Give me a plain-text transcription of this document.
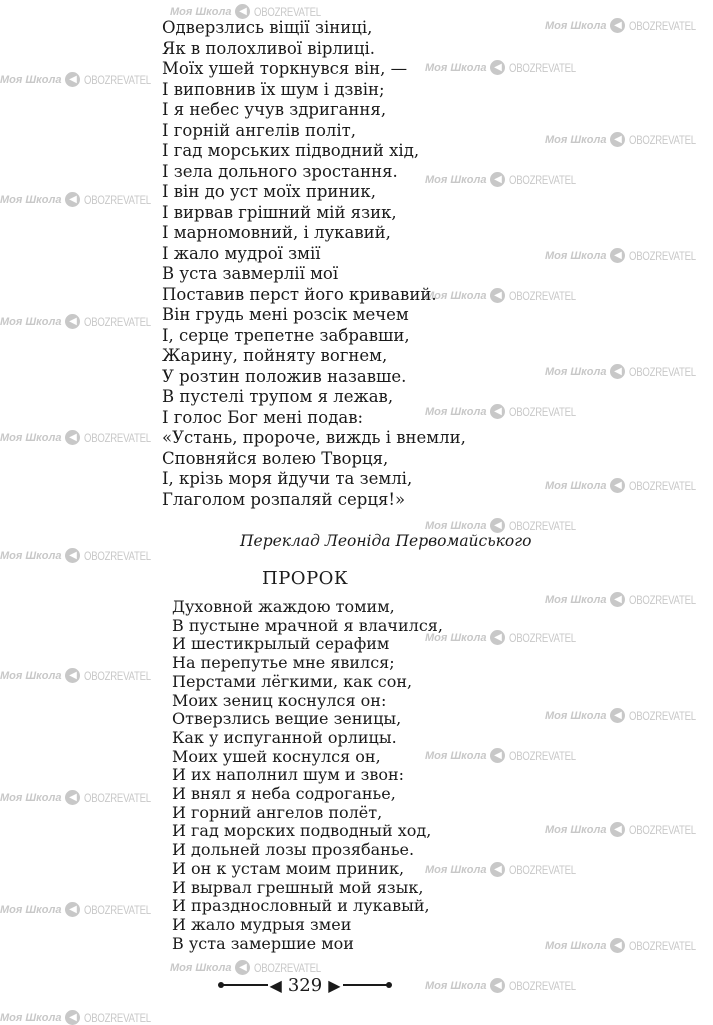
Моя Школа ◀ OBOZREVATEL
Моя Школа ◀ OBOZREVATEL
Моя Школа ◀ OBOZREVATEL
Моя Школа ◀ OBOZREVATEL
Моя Школа ◀ OBOZREVATEL
Моя Школа ◀ OBOZREVATEL
Моя Школа ◀ OBOZREVATEL
Моя Школа ◀ OBOZREVATEL
Моя Школа ◀ OBOZREVATEL
Моя Школа ◀ OBOZREVATEL
Моя Школа ◀ OBOZREVATEL
Моя Школа ◀ OBOZREVATEL
Моя Школа ◀ OBOZREVATEL
Моя Школа ◀ OBOZREVATEL
Моя Школа ◀ OBOZREVATEL
Моя Школа ◀ OBOZREVATEL
Моя Школа ◀ OBOZREVATEL
Моя Школа ◀ OBOZREVATEL
Моя Школа ◀ OBOZREVATEL
Моя Школа ◀ OBOZREVATEL
Моя Школа ◀ OBOZREVATEL
Моя Школа ◀ OBOZREVATEL
Моя Школа ◀ OBOZREVATEL
Моя Школа ◀ OBOZREVATEL
Моя Школа ◀ OBOZREVATEL
Моя Школа ◀ OBOZREVATEL
Моя Школа ◀ OBOZREVATEL
Моя Школа ◀ OBOZREVATEL
Моя Школа ◀ OBOZREVATEL
Одверзлись віщії зіниці,
Як в полохливої вірлиці.
Моїх ушей торкнувся він, —
І виповнив їх шум і дзвін;
І я небес учув здригання,
І горній ангелів політ,
І гад морських підводний хід,
І зела дольного зростання.
І він до уст моїх приник,
І вирвав грішний мій язик,
І марномовний, і лукавий,
І жало мудрої змії
В уста завмерлії мої
Поставив перст його кривавий.
Він грудь мені розсік мечем
І, серце трепетне забравши,
Жарину, пойняту вогнем,
У розтин положив назавше.
В пустелі трупом я лежав,
І голос Бог мені подав:
«Устань, пророче, виждь і внемли,
Сповняйся волею Творця,
І, крізь моря йдучи та землі,
Глаголом розпаляй серця!»
Переклад Леоніда Первомайського
ПРОРОК
Духовной жаждою томим,
В пустыне мрачной я влачился,
И шестикрылый серафим
На перепутье мне явился;
Перстами лёгкими, как сон,
Моих зениц коснулся он:
Отверзлись вещие зеницы,
Как у испуганной орлицы.
Моих ушей коснулся он,
И их наполнил шум и звон:
И внял я неба содроганье,
И горний ангелов полёт,
И гад морских подводный ход,
И дольней лозы прозябанье.
И он к устам моим приник,
И вырвал грешный мой язык,
И празднословный и лукавый,
И жало мудрыя змеи
В уста замершие мои
◀ 329 ▶
